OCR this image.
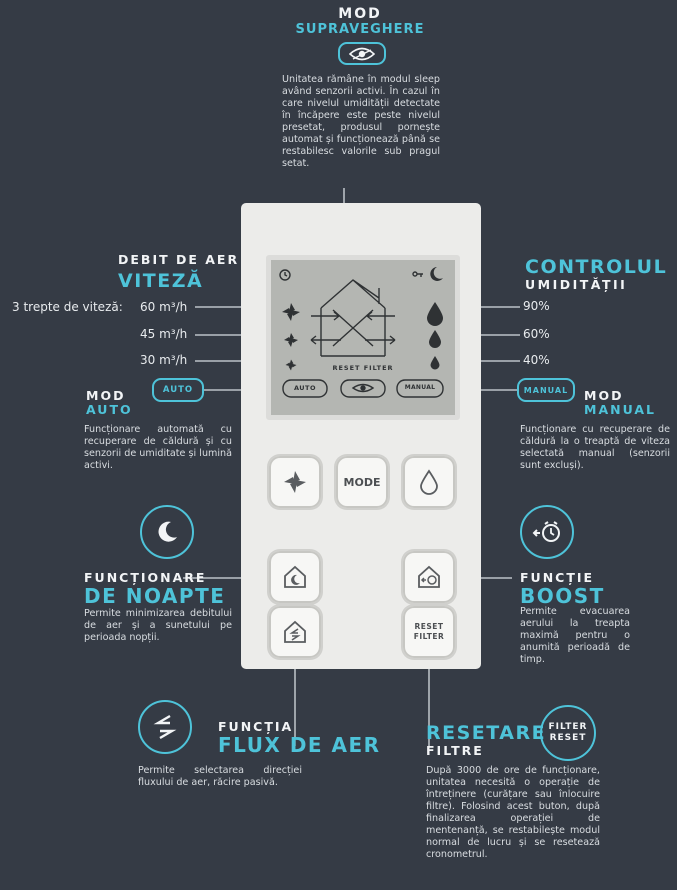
MOD
SUPRAVEGHERE
Unitatea rămâne în modul sleep având senzorii activi. În cazul în care nivelul umidității detectate în încăpere este peste nivelul presetat, produsul pornește automat și funcționează până se restabilesc valorile sub pragul setat.
DEBIT DE AER
VITEZĂ
3 trepte de viteză: 60 m³/h
45 m³/h
30 m³/h
CONTROLUL
UMIDITĂȚII
90%
60%
40%
AUTO
MOD
AUTO
Funcționare automată cu recuperare de căldură și cu senzorii de umiditate și lumină activi.
MANUAL	MOD
MANUAL
Funcționare cu recuperare de căldură la o treaptă de viteza selectată manual (senzorii sunt excluși).
FUNCȚIONARE
DE NOAPTE
Permite minimizarea debitului de aer și a sunetului pe perioada nopții.
FUNCȚIE
BOOST
Permite evacuarea aerului la treapta maximă pentru o anumită perioadă de timp.
FUNCȚIA
FLUX DE AER
Permite selectarea direcției fluxului de aer, răcire pasivă.
RESETARE
FILTRE
FILTER
RESET
După 3000 de ore de funcționare, unitatea necesită o operație de întreținere (curățare sau înlocuire filtre). Folosind acest buton, după finalizarea operației de mentenanță, se restabilește modul normal de lucru și se resetează cronometrul.
RESET FILTER
AUTO	MANUAL
MODE
RESET
FILTER
